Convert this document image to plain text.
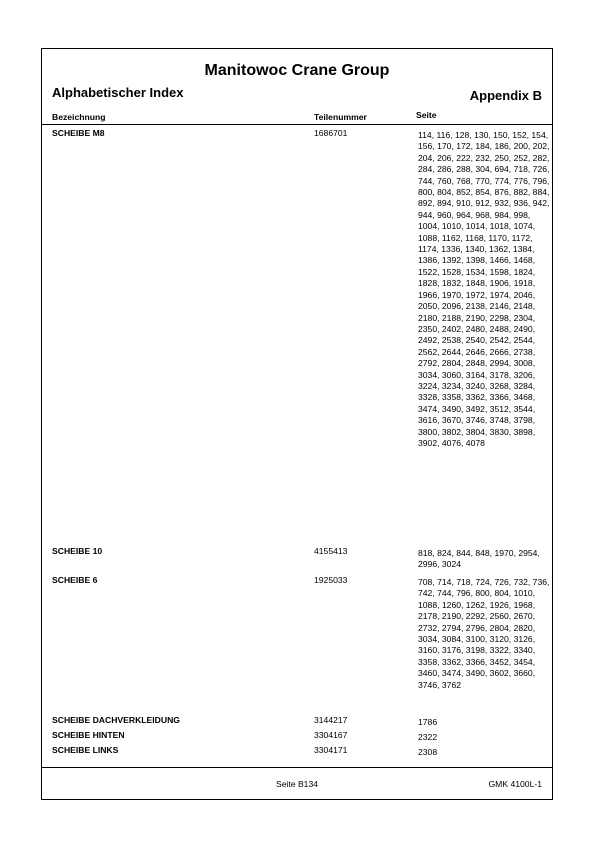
Manitowoc Crane Group
Alphabetischer Index	Appendix B
Bezeichnung	Teilenummer	Seite
SCHEIBE M8	1686701	114, 116, 128, 130, 150, 152, 154, 156, 170, 172, 184, 186, 200, 202, 204, 206, 222, 232, 250, 252, 282, 284, 286, 288, 304, 694, 718, 726, 744, 760, 768, 770, 774, 776, 796, 800, 804, 852, 854, 876, 882, 884, 892, 894, 910, 912, 932, 936, 942, 944, 960, 964, 968, 984, 998, 1004, 1010, 1014, 1018, 1074, 1088, 1162, 1168, 1170, 1172, 1174, 1336, 1340, 1362, 1384, 1386, 1392, 1398, 1466, 1468, 1522, 1528, 1534, 1598, 1824, 1828, 1832, 1848, 1906, 1918, 1966, 1970, 1972, 1974, 2046, 2050, 2096, 2138, 2146, 2148, 2180, 2188, 2190, 2298, 2304, 2350, 2402, 2480, 2488, 2490, 2492, 2538, 2540, 2542, 2544, 2562, 2644, 2646, 2666, 2738, 2792, 2804, 2848, 2994, 3008, 3034, 3060, 3164, 3178, 3206, 3224, 3234, 3240, 3268, 3284, 3328, 3358, 3362, 3366, 3468, 3474, 3490, 3492, 3512, 3544, 3616, 3670, 3746, 3748, 3798, 3800, 3802, 3804, 3830, 3898, 3902, 4076, 4078
SCHEIBE 10	4155413	818, 824, 844, 848, 1970, 2954, 2996, 3024
SCHEIBE 6	1925033	708, 714, 718, 724, 726, 732, 736, 742, 744, 796, 800, 804, 1010, 1088, 1260, 1262, 1926, 1968, 2178, 2190, 2292, 2560, 2670, 2732, 2794, 2796, 2804, 2820, 3034, 3084, 3100, 3120, 3126, 3160, 3176, 3198, 3322, 3340, 3358, 3362, 3366, 3452, 3454, 3460, 3474, 3490, 3602, 3660, 3746, 3762
SCHEIBE DACHVERKLEIDUNG	3144217	1786
SCHEIBE HINTEN	3304167	2322
SCHEIBE LINKS	3304171	2308
Seite B134	GMK 4100L-1
